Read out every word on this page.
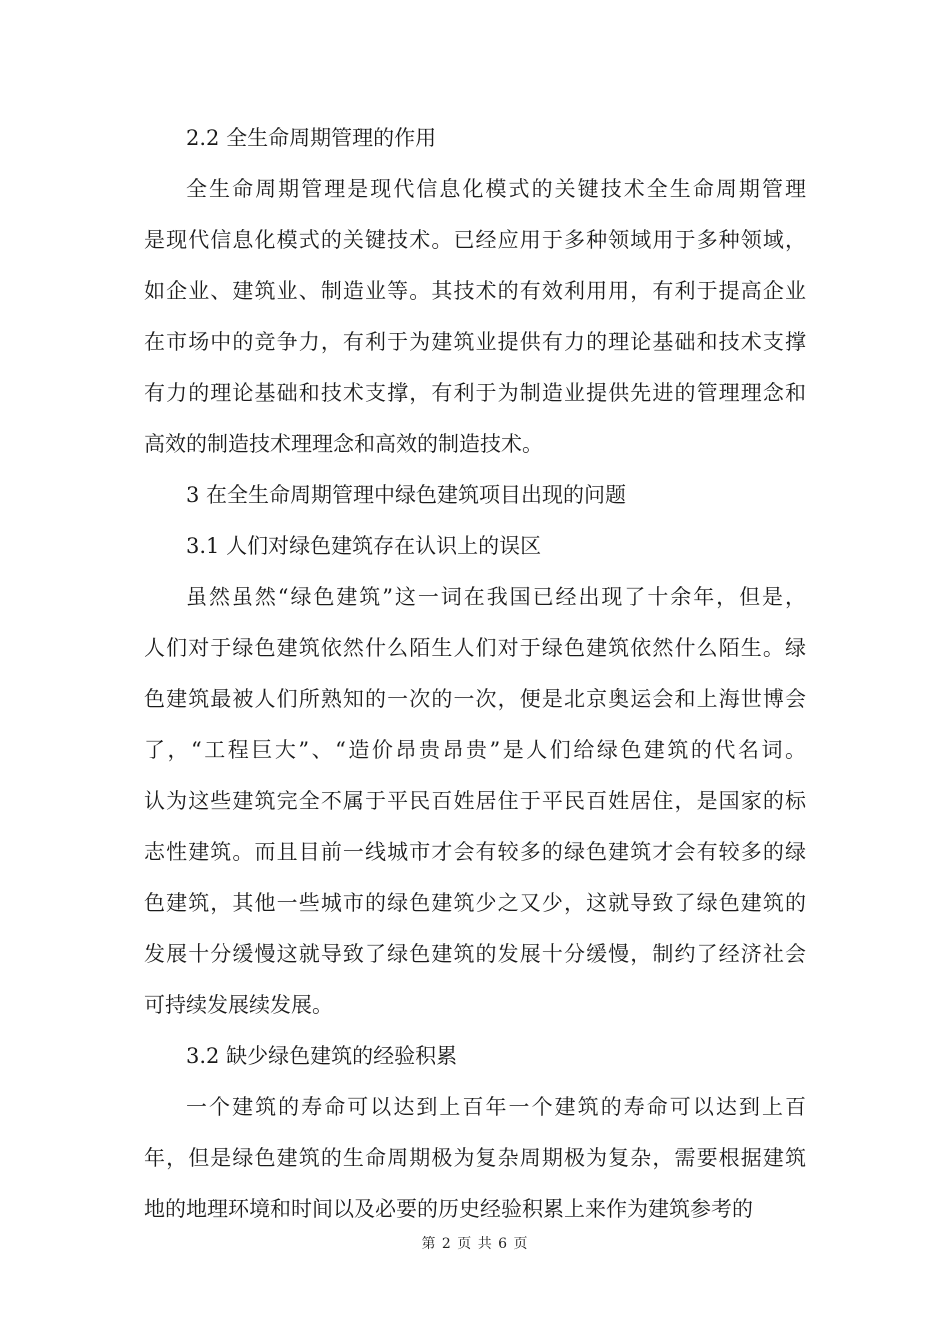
2.2 全生命周期管理的作用
全生命周期管理是现代信息化模式的关键技术全生命周期管理
是现代信息化模式的关键技术。已经应用于多种领域用于多种领域，
如企业、建筑业、制造业等。其技术的有效利用用，有利于提高企业
在市场中的竞争力，有利于为建筑业提供有力的理论基础和技术支撑
有力的理论基础和技术支撑，有利于为制造业提供先进的管理理念和
高效的制造技术理理念和高效的制造技术。
3 在全生命周期管理中绿色建筑项目出现的问题
3.1 人们对绿色建筑存在认识上的误区
虽然虽然“绿色建筑”这一词在我国已经出现了十余年，但是，
人们对于绿色建筑依然什么陌生人们对于绿色建筑依然什么陌生。绿
色建筑最被人们所熟知的一次的一次，便是北京奥运会和上海世博会
了，“工程巨大”、“造价昂贵昂贵”是人们给绿色建筑的代名词。
认为这些建筑完全不属于平民百姓居住于平民百姓居住，是国家的标
志性建筑。而且目前一线城市才会有较多的绿色建筑才会有较多的绿
色建筑，其他一些城市的绿色建筑少之又少，这就导致了绿色建筑的
发展十分缓慢这就导致了绿色建筑的发展十分缓慢，制约了经济社会
可持续发展续发展。
3.2 缺少绿色建筑的经验积累
一个建筑的寿命可以达到上百年一个建筑的寿命可以达到上百
年，但是绿色建筑的生命周期极为复杂周期极为复杂，需要根据建筑
地的地理环境和时间以及必要的历史经验积累上来作为建筑参考的
第 2 页 共 6 页
